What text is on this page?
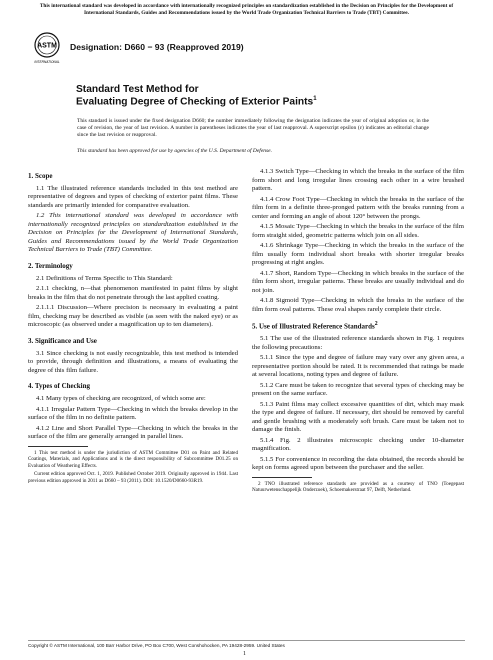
This international standard was developed in accordance with internationally recognized principles on standardization established in the Decision on Principles for the Development of International Standards, Guides and Recommendations issued by the World Trade Organization Technical Barriers to Trade (TBT) Committee.
ASTM
INTERNATIONAL
Designation: D660 − 93 (Reapproved 2019)
Standard Test Method for
Evaluating Degree of Checking of Exterior Paints$^1$
This standard is issued under the fixed designation D660; the number immediately following the designation indicates the year of original adoption or, in the case of revision, the year of last revision. A number in parentheses indicates the year of last reapproval. A superscript epsilon (ε) indicates an editorial change since the last revision or reapproval.
This standard has been approved for use by agencies of the U.S. Department of Defense.
1. Scope

1.1 The illustrated reference standards included in this test method are representative of degrees and types of checking of exterior paint films. These standards are primarily intended for comparative evaluation.

1.2 This international standard was developed in accordance with internationally recognized principles on standardization established in the Decision on Principles for the Development of International Standards, Guides and Recommendations issued by the World Trade Organization Technical Barriers to Trade (TBT) Committee.

2. Terminology

2.1 Definitions of Terms Specific to This Standard:

2.1.1 checking, n—that phenomenon manifested in paint films by slight breaks in the film that do not penetrate through the last applied coating.

2.1.1.1 Discussion—Where precision is necessary in evaluating a paint film, checking may be described as visible (as seen with the naked eye) or as microscopic (as observed under a magnification up to ten diameters).

3. Significance and Use

3.1 Since checking is not easily recognizable, this test method is intended to provide, through definition and illustrations, a means of evaluating the degree of this film failure.

4. Types of Checking

4.1 Many types of checking are recognized, of which some are:

4.1.1 Irregular Pattern Type—Checking in which the breaks develop in the surface of the film in no definite pattern.

4.1.2 Line and Short Parallel Type—Checking in which the breaks in the surface of the film are generally arranged in parallel lines.

1 This test method is under the jurisdiction of ASTM Committee D01 on Paint and Related Coatings, Materials, and Applications and is the direct responsibility of Subcommittee D01.25 on Evaluation of Weathering Effects.

Current edition approved Oct. 1, 2019. Published October 2019. Originally approved in 1944. Last previous edition approved in 2011 as D660 – 93 (2011). DOI: 10.1520/D0660-93R19.

4.1.3 Switch Type—Checking in which the breaks in the surface of the film form short and long irregular lines crossing each other in a wire brushed pattern.

4.1.4 Crow Foot Type—Checking in which the breaks in the surface of the film form in a definite three-pronged pattern with the breaks running from a center and forming an angle of about 120° between the prongs.

4.1.5 Mosaic Type—Checking in which the breaks in the surface of the film form straight sided, geometric patterns which join on all sides.

4.1.6 Shrinkage Type—Checking in which the breaks in the surface of the film usually form individual short breaks with shorter irregular breaks progressing at right angles.

4.1.7 Short, Random Type—Checking in which breaks in the surface of the film form short, irregular patterns. These breaks are usually individual and do not join.

4.1.8 Sigmoid Type—Checking in which the breaks in the surface of the film form oval patterns. These oval shapes rarely complete their circle.

5. Use of Illustrated Reference Standards$^2$

5.1 The use of the illustrated reference standards shown in Fig. 1 requires the following precautions:

5.1.1 Since the type and degree of failure may vary over any given area, a representative portion should be rated. It is recommended that ratings be made at several locations, noting types and degree of failure.

5.1.2 Care must be taken to recognize that several types of checking may be present on the same surface.

5.1.3 Paint films may collect excessive quantities of dirt, which may mask the type and degree of failure. If necessary, dirt should be removed by careful and gentle brushing with a moderately soft brush. Care must be taken not to damage the finish.

5.1.4 Fig. 2 illustrates microscopic checking under 10-diameter magnification.

5.1.5 For convenience in recording the data obtained, the records should be kept on forms agreed upon between the purchaser and the seller.

2 TNO illustrated reference standards are provided as a courtesy of TNO (Toegepast Natuurwetenschappelijk Onderzoek), Schoemakerstraat 97, Delft, Netherland.

Copyright © ASTM International, 100 Barr Harbor Drive, PO Box C700, West Conshohocken, PA 19428-2959. United States
1
